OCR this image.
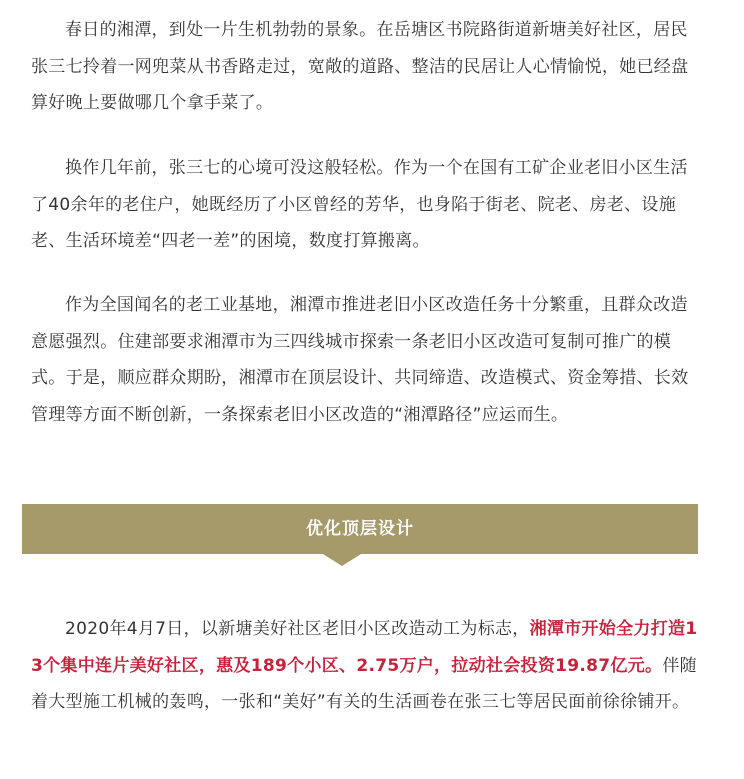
春日的湘潭，到处一片生机勃勃的景象。在岳塘区书院路街道新塘美好社区，居民张三七拎着一网兜菜从书香路走过，宽敞的道路、整洁的民居让人心情愉悦，她已经盘算好晚上要做哪几个拿手菜了。

换作几年前，张三七的心境可没这般轻松。作为一个在国有工矿企业老旧小区生活了40余年的老住户，她既经历了小区曾经的芳华，也身陷于街老、院老、房老、设施老、生活环境差“四老一差”的困境，数度打算搬离。

作为全国闻名的老工业基地，湘潭市推进老旧小区改造任务十分繁重，且群众改造意愿强烈。住建部要求湘潭市为三四线城市探索一条老旧小区改造可复制可推广的模式。于是，顺应群众期盼，湘潭市在顶层设计、共同缔造、改造模式、资金筹措、长效管理等方面不断创新，一条探索老旧小区改造的“湘潭路径”应运而生。

优化顶层设计

2020年4月7日，以新塘美好社区老旧小区改造动工为标志，湘潭市开始全力打造13个集中连片美好社区，惠及189个小区、2.75万户，拉动社会投资19.87亿元。伴随着大型施工机械的轰鸣，一张和“美好”有关的生活画卷在张三七等居民面前徐徐铺开。
